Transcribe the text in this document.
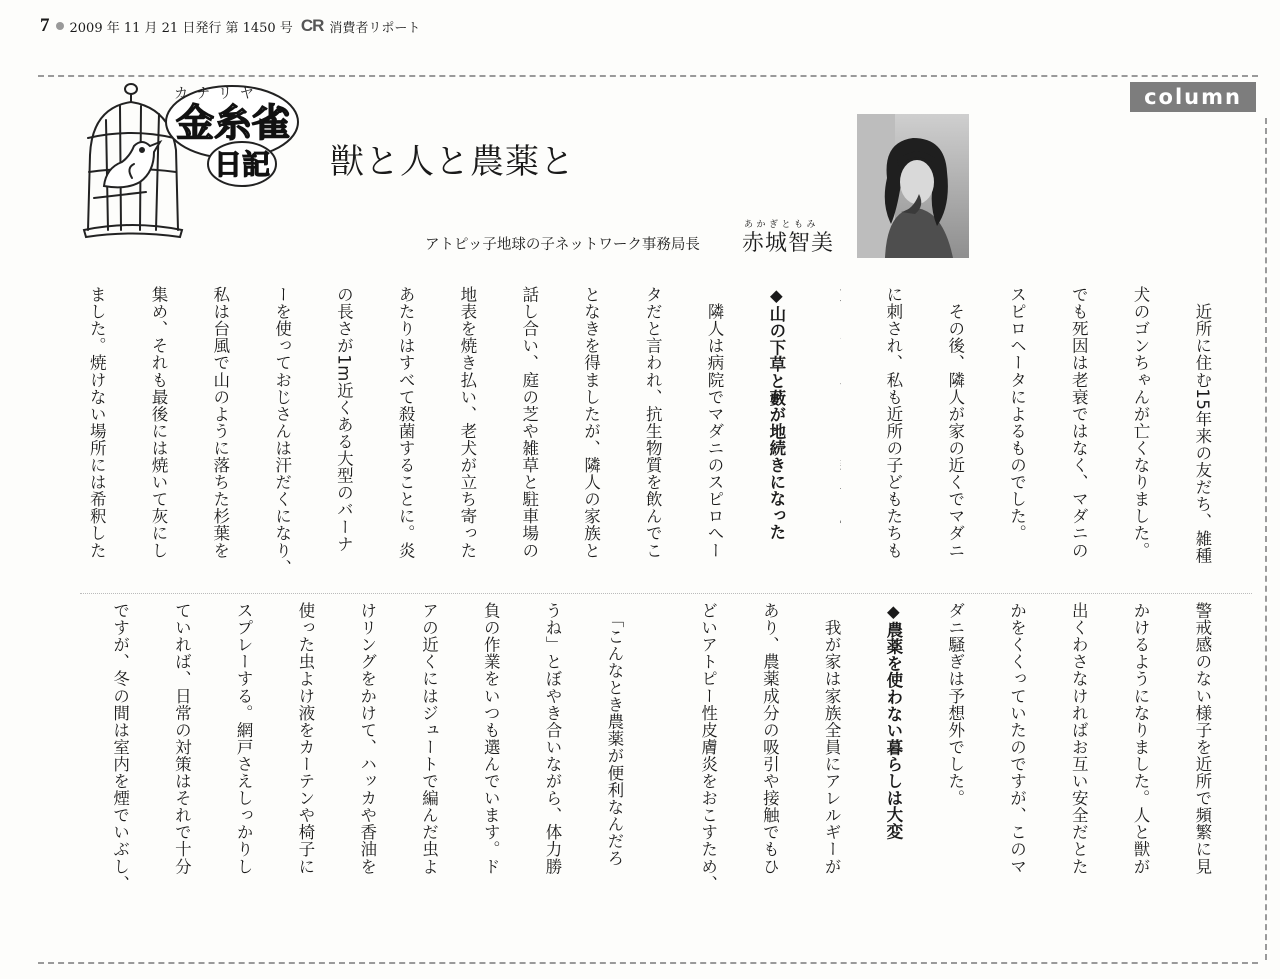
7 2009 年 11 月 21 日発行 第 1450 号 CR 消費者リポート
column
金糸雀
カナリヤ
日記 獣と人と農薬と
アトピッ子地球の子ネットワーク事務局長
あかぎともみ
赤城智美

　近所に住む15年来の友だち、雑種

犬のゴンちゃんが亡くなりました。

でも死因は老衰ではなく、マダニの

スピロヘータによるものでした。

　その後、隣人が家の近くでマダニ

に刺され、私も近所の子どもたちも

◆山の下草と藪が地続きになった

　隣人は病院でマダニのスピロへー

タだと言われ、抗生物質を飲んでこ

となきを得ましたが、隣人の家族と

話し合い、庭の芝や雑草と駐車場の

地表を焼き払い、老犬が立ち寄った

あたりはすべて殺菌することに。炎

の長さが1m近くある大型のバーナ

ーを使っておじさんは汗だくになり、

私は台風で山のように落ちた杉葉を

集め、それも最後には焼いて灰にし

ました。焼けない場所には希釈した

警戒感のない様子を近所で頻繁に見

かけるようになりました。人と獣が

出くわさなければお互い安全だとた

かをくくっていたのですが、このマ

ダニ騒ぎは予想外でした。

◆農薬を使わない暮らしは大変

　我が家は家族全員にアレルギーが

あり、農薬成分の吸引や接触でもひ

どいアトピー性皮膚炎をおこすため、

　「こんなとき農薬が便利なんだろ

うね」とぼやき合いながら、体力勝

負の作業をいつも選んでいます。ド

アの近くにはジュートで編んだ虫よ

けリングをかけて、ハッカや香油を

使った虫よけ液をカーテンや椅子に

スプレーする。網戸さえしっかりし

ていれば、日常の対策はそれで十分

ですが、冬の間は室内を煙でいぶし、
